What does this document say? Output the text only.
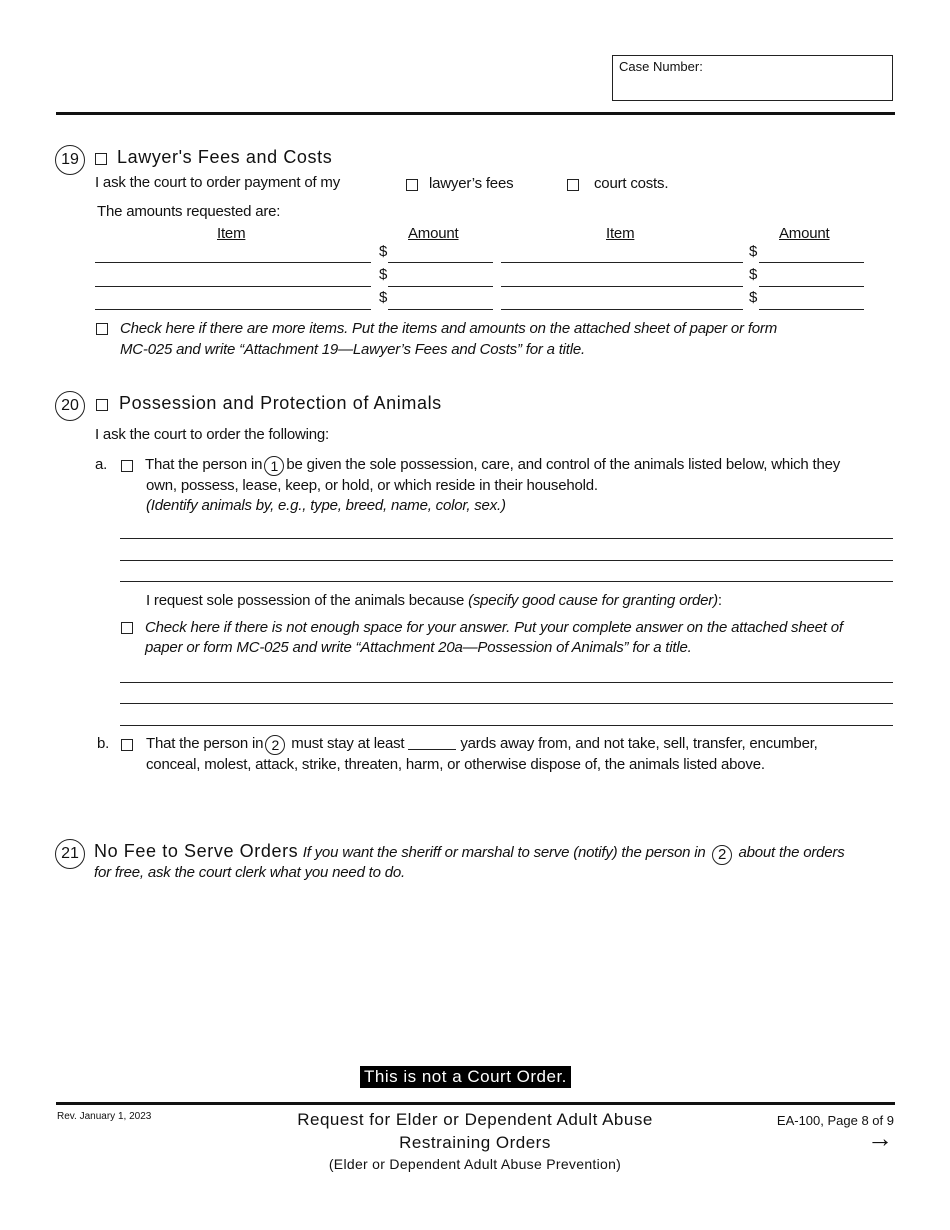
Case Number:
19	Lawyer's Fees and Costs
I ask the court to order payment of my	lawyer’s fees	court costs.
The amounts requested are:
Item	Amount	Item	Amount
$	$
$	$
$	$
Check here if there are more items. Put the items and amounts on the attached sheet of paper or form
MC-025 and write “Attachment 19—Lawyer’s Fees and Costs” for a title.
20	Possession and Protection of Animals
I ask the court to order the following:
a.	That the person in 1 be given the sole possession, care, and control of the animals listed below, which they
own, possess, lease, keep, or hold, or which reside in their household.
(Identify animals by, e.g., type, breed, name, color, sex.)
I request sole possession of the animals because (specify good cause for granting order):
Check here if there is not enough space for your answer. Put your complete answer on the attached sheet of
paper or form MC-025 and write “Attachment 20a—Possession of Animals” for a title.
b. That the person in 2 must stay at least	yards away from, and not take, sell, transfer, encumber,
conceal, molest, attack, strike, threaten, harm, or otherwise dispose of, the animals listed above.
21 No Fee to Serve Orders If you want the sheriff or marshal to serve (notify) the person in 2 about the orders
for free, ask the court clerk what you need to do.
This is not a Court Order.
Rev. January 1, 2023	Request for Elder or Dependent Adult Abuse
Restraining Orders
(Elder or Dependent Adult Abuse Prevention)
EA-100, Page 8 of 9
→
